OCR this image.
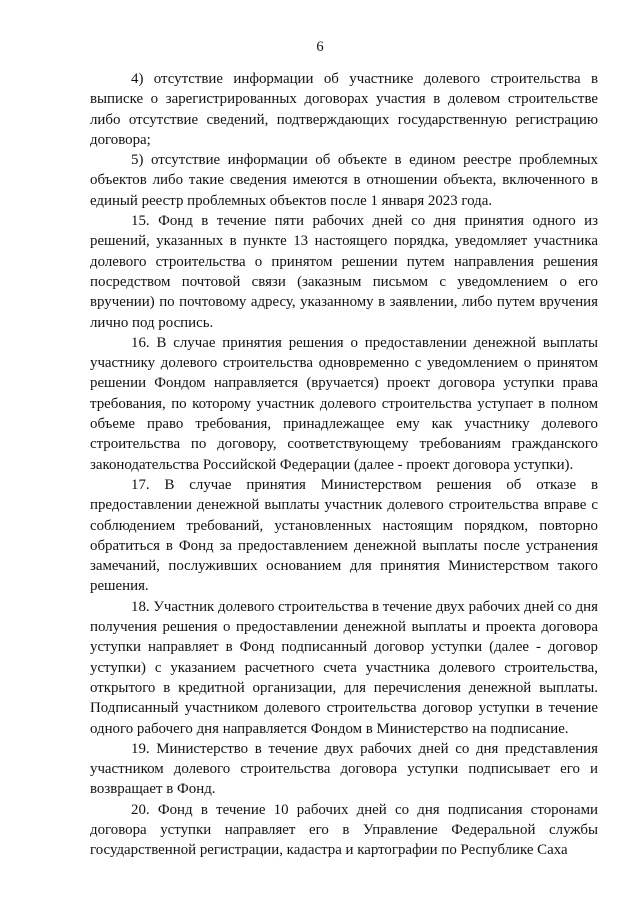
6

4) отсутствие информации об участнике долевого строительства в выписке о зарегистрированных договорах участия в долевом строительстве либо отсутствие сведений, подтверждающих государственную регистрацию договора;

5) отсутствие информации об объекте в едином реестре проблемных объектов либо такие сведения имеются в отношении объекта, включенного в единый реестр проблемных объектов после 1 января 2023 года.

15. Фонд в течение пяти рабочих дней со дня принятия одного из решений, указанных в пункте 13 настоящего порядка, уведомляет участника долевого строительства о принятом решении путем направления решения посредством почтовой связи (заказным письмом с уведомлением о его вручении) по почтовому адресу, указанному в заявлении, либо путем вручения лично под роспись.

16. В случае принятия решения о предоставлении денежной выплаты участнику долевого строительства одновременно с уведомлением о принятом решении Фондом направляется (вручается) проект договора уступки права требования, по которому участник долевого строительства уступает в полном объеме право требования, принадлежащее ему как участнику долевого строительства по договору, соответствующему требованиям гражданского законодательства Российской Федерации (далее - проект договора уступки).

17. В случае принятия Министерством решения об отказе в предоставлении денежной выплаты участник долевого строительства вправе с соблюдением требований, установленных настоящим порядком, повторно обратиться в Фонд за предоставлением денежной выплаты после устранения замечаний, послуживших основанием для принятия Министерством такого решения.

18. Участник долевого строительства в течение двух рабочих дней со дня получения решения о предоставлении денежной выплаты и проекта договора уступки направляет в Фонд подписанный договор уступки (далее - договор уступки) с указанием расчетного счета участника долевого строительства, открытого в кредитной организации, для перечисления денежной выплаты. Подписанный участником долевого строительства договор уступки в течение одного рабочего дня направляется Фондом в Министерство на подписание.

19. Министерство в течение двух рабочих дней со дня представления участником долевого строительства договора уступки подписывает его и возвращает в Фонд.

20. Фонд в течение 10 рабочих дней со дня подписания сторонами договора уступки направляет его в Управление Федеральной службы государственной регистрации, кадастра и картографии по Республике Саха
